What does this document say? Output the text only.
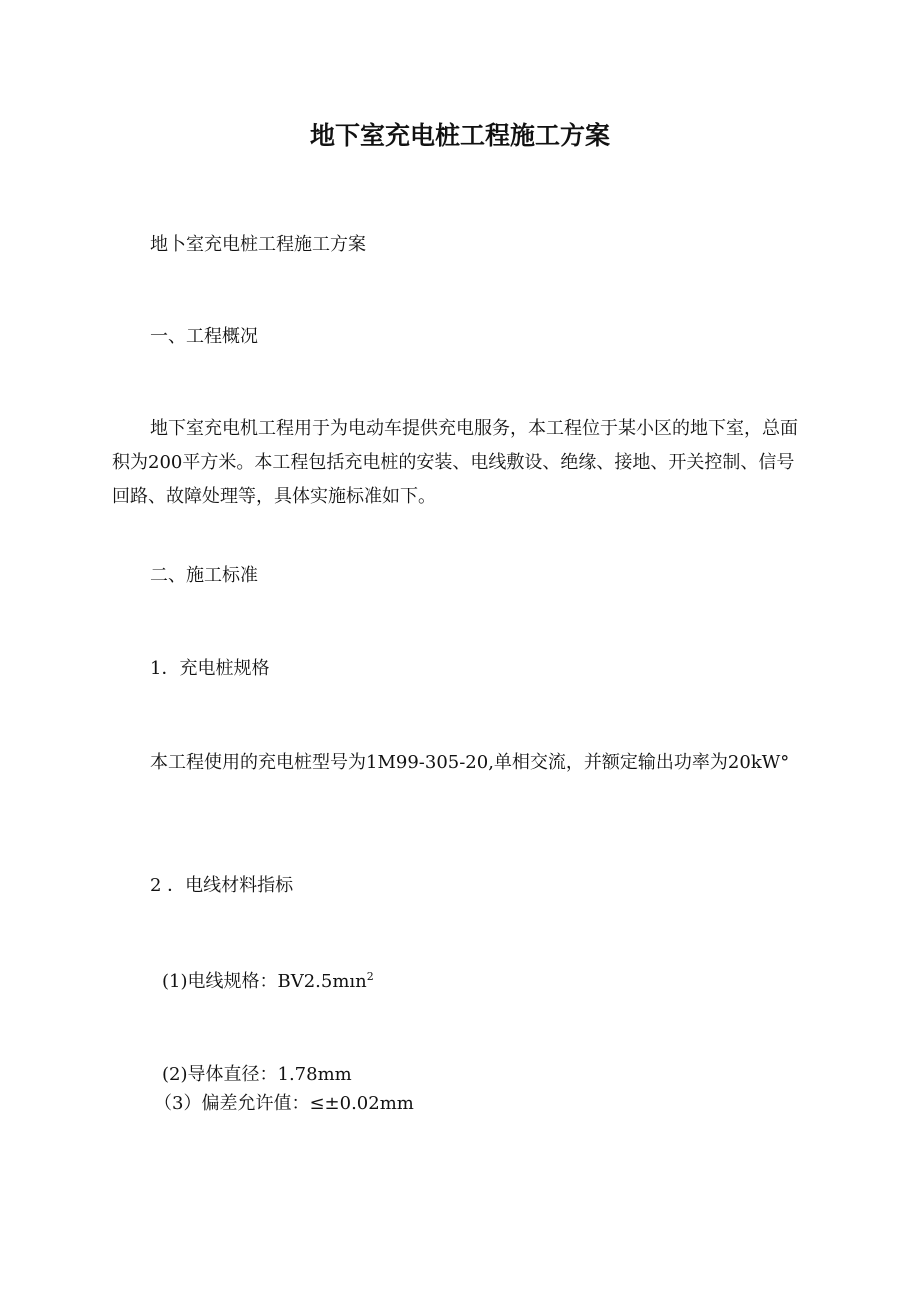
地下室充电桩工程施工方案
地卜室充电桩工程施工方案
一、工程概况
地下室充电机工程用于为电动车提供充电服务，本工程位于某小区的地下室，总面积为200平方米。本工程包括充电桩的安装、电线敷设、绝缘、接地、开关控制、信号回路、故障处理等，具体实施标准如下。
二、施工标准
1．充电桩规格
本工程使用的充电桩型号为1M99-305-20,单相交流，并额定输出功率为20kW°
2 ．电线材料指标
(1)电线规格：BV2.5mın$^2$
(2)导体直径：1.78mm
（3）偏差允许值：≤±0.02mm
